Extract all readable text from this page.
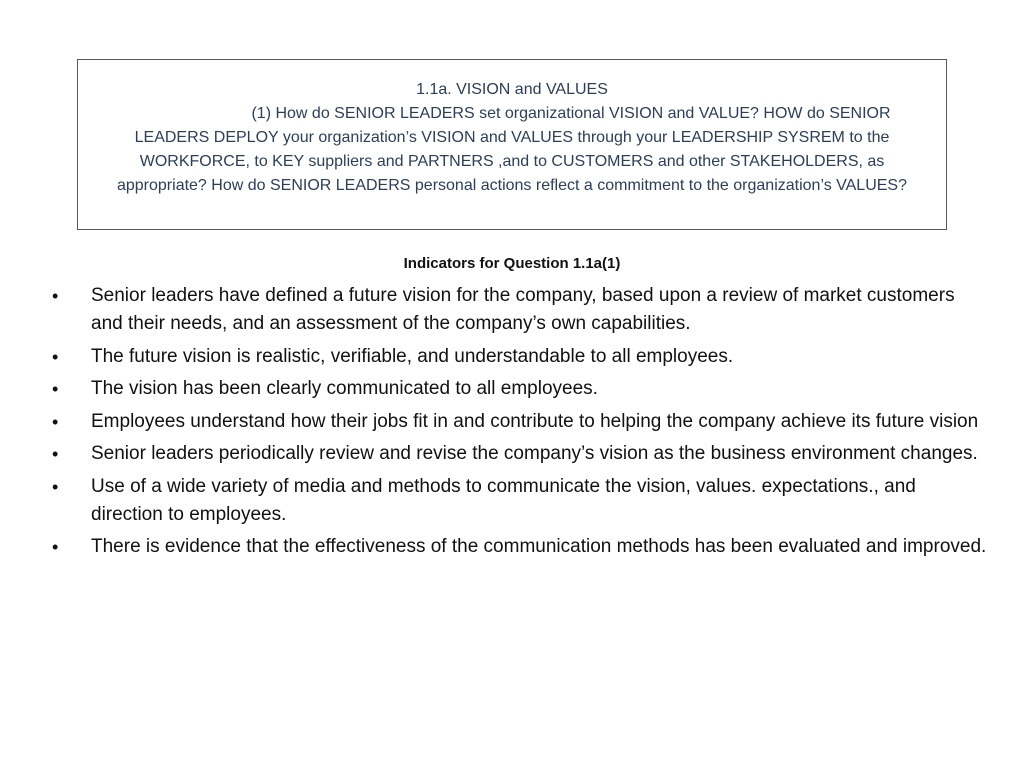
1.1a. VISION and VALUES
(1) How do SENIOR LEADERS set organizational VISION and VALUE? HOW do SENIOR LEADERS DEPLOY your organization’s VISION and VALUES through your LEADERSHIP SYSREM to the WORKFORCE, to KEY suppliers and PARTNERS ,and to CUSTOMERS and other STAKEHOLDERS, as appropriate? How do SENIOR LEADERS personal actions reflect a commitment to the organization’s VALUES?
Indicators for Question 1.1a(1)
• Senior leaders have defined a future vision for the company, based upon a review of market customers and their needs, and an assessment of the company’s own capabilities.
• The future vision is realistic, verifiable, and understandable to all employees.
• The vision has been clearly communicated to all employees.
• Employees understand how their jobs fit in and contribute to helping the company achieve its future vision
• Senior leaders periodically review and revise the company’s vision as the business environment changes.
• Use of a wide variety of media and methods to communicate the vision, values. expectations., and direction to employees.
• There is evidence that the effectiveness of the communication methods has been evaluated and improved.
